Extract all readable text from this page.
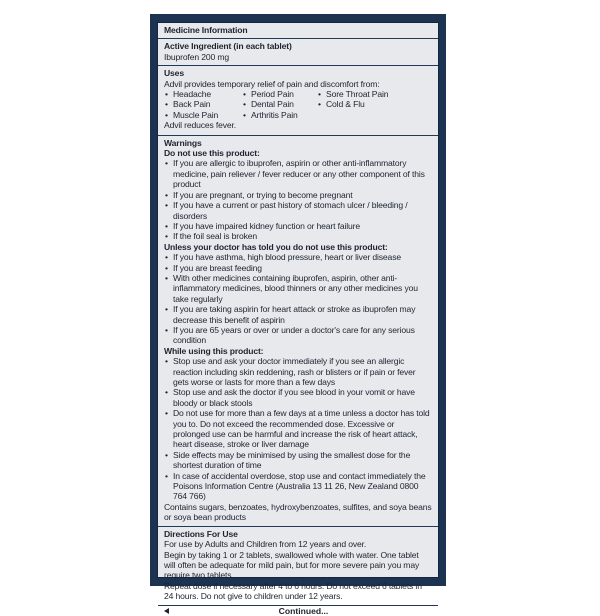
Medicine Information
Active Ingredient (in each tablet)
Ibuprofen 200 mg
Uses
Advil provides temporary relief of pain and discomfort from:
• Headache
• Back Pain
• Muscle Pain
• Period Pain
• Dental Pain
• Arthritis Pain
• Sore Throat Pain
• Cold & Flu
Advil reduces fever.
Warnings
Do not use this product:
• If you are allergic to ibuprofen, aspirin or other anti-inflammatory medicine, pain reliever / fever reducer or any other component of this product
• If you are pregnant, or trying to become pregnant
• If you have a current or past history of stomach ulcer / bleeding / disorders
• If you have impaired kidney function or heart failure
• If the foil seal is broken
Unless your doctor has told you do not use this product:
• If you have asthma, high blood pressure, heart or liver disease
• If you are breast feeding
• With other medicines containing ibuprofen, aspirin, other anti-inflammatory medicines, blood thinners or any other medicines you take regularly
• If you are taking aspirin for heart attack or stroke as ibuprofen may decrease this benefit of aspirin
• If you are 65 years or over or under a doctor's care for any serious condition
While using this product:
• Stop use and ask your doctor immediately if you see an allergic reaction including skin reddening, rash or blisters or if pain or fever gets worse or lasts for more than a few days
• Stop use and ask the doctor if you see blood in your vomit or have bloody or black stools
• Do not use for more than a few days at a time unless a doctor has told you to. Do not exceed the recommended dose. Excessive or prolonged use can be harmful and increase the risk of heart attack, heart disease, stroke or liver damage
• Side effects may be minimised by using the smallest dose for the shortest duration of time
• In case of accidental overdose, stop use and contact immediately the Poisons Information Centre (Australia 13 11 26, New Zealand 0800 764 766)
Contains sugars, benzoates, hydroxybenzoates, sulfites, and soya beans or soya bean products
Directions For Use
For use by Adults and Children from 12 years and over.
Begin by taking 1 or 2 tablets, swallowed whole with water. One tablet will often be adequate for mild pain, but for more severe pain you may require two tablets.
Repeat dose if necessary after 4 to 6 hours. Do not exceed 6 tablets in 24 hours. Do not give to children under 12 years.
Continued...
